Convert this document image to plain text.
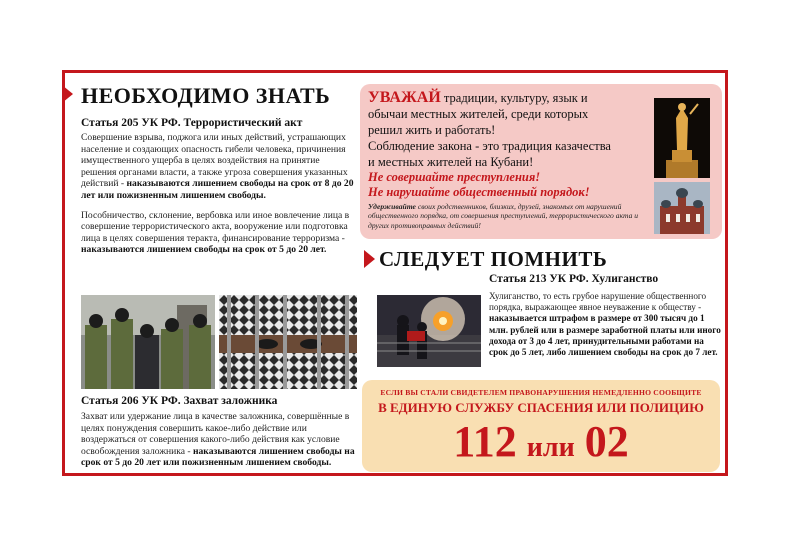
НЕОБХОДИМО ЗНАТЬ
Статья 205 УК РФ. Террористический акт

Совершение взрыва, поджога или иных действий, устрашающих население и создающих опасность гибели человека, причинения имущественного ущерба в целях воздействия на принятие решения органами власти, а также угроза совершения указанных действий - наказываются лишением свободы на срок от 8 до 20 лет или пожизненным лишением свободы.

Пособничество, склонение, вербовка или иное вовлечение лица в совершение террористического акта, вооружение или подготовка лица в целях совершения теракта, финансирование терроризма - наказываются лишением свободы на срок от 5 до 20 лет.

Статья 206 УК РФ. Захват заложника

Захват или удержание лица в качестве заложника, совершённые в целях понуждения совершить какое-либо действие или воздержаться от совершения какого-либо действия как условие освобождения заложника - наказываются лишением свободы на срок от 5 до 20 лет или пожизненным лишением свободы.

УВАЖАЙ традиции, культуру, язык и
обычаи местных жителей, среди которых
решил жить и работать!
Соблюдение закона - это традиция казачества
и местных жителей на Кубани!
Не совершайте преступления!
Не нарушайте общественный порядок!
Удерживайте своих родственников, близких, друзей, знакомых от нарушений общественного порядка, от совершения преступлений, террористического акта и других противоправных действий!
СЛЕДУЕТ ПОМНИТЬ
Статья 213 УК РФ. Хулиганство

Хулиганство, то есть грубое нарушение общественного порядка, выражающее явное неуважение к обществу - наказывается штрафом в размере от 300 тысяч до 1 млн. рублей или в размере заработной платы или иного дохода от 3 до 4 лет, принудительными работами на срок до 5 лет, либо лишением свободы на срок до 7 лет.

ЕСЛИ ВЫ СТАЛИ СВИДЕТЕЛЕМ ПРАВОНАРУШЕНИЯ НЕМЕДЛЕННО СООБЩИТЕ
В ЕДИНУЮ СЛУЖБУ СПАСЕНИЯ ИЛИ ПОЛИЦИЮ
112 или 02
